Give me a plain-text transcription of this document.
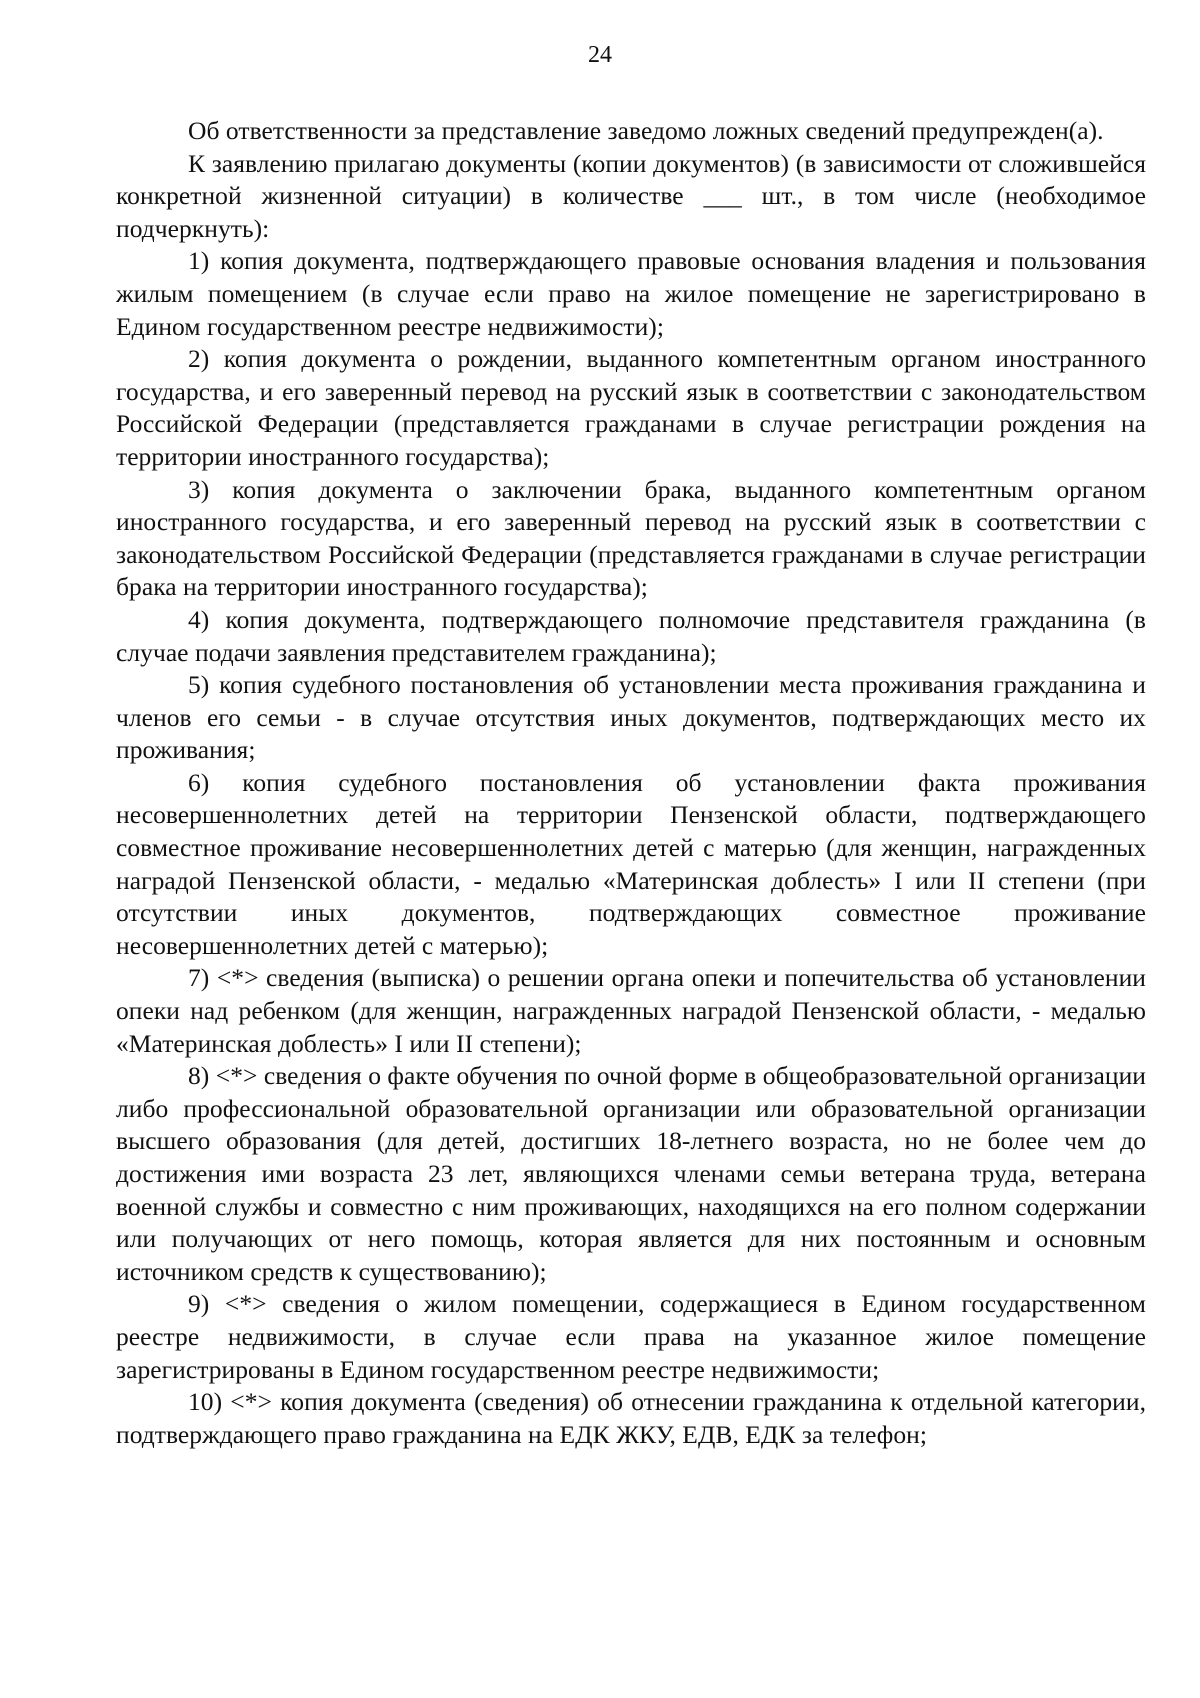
24

Об ответственности за представление заведомо ложных сведений предупрежден(а).

К заявлению прилагаю документы (копии документов) (в зависимости от сложившейся конкретной жизненной ситуации) в количестве ___ шт., в том числе (необходимое подчеркнуть):

1) копия документа, подтверждающего правовые основания владения и пользования жилым помещением (в случае если право на жилое помещение не зарегистрировано в Едином государственном реестре недвижимости);

2) копия документа о рождении, выданного компетентным органом иностранного государства, и его заверенный перевод на русский язык в соответствии с законодательством Российской Федерации (представляется гражданами в случае регистрации рождения на территории иностранного государства);

3) копия документа о заключении брака, выданного компетентным органом иностранного государства, и его заверенный перевод на русский язык в соответствии с законодательством Российской Федерации (представляется гражданами в случае регистрации брака на территории иностранного государства);

4) копия документа, подтверждающего полномочие представителя гражданина (в случае подачи заявления представителем гражданина);

5) копия судебного постановления об установлении места проживания гражданина и членов его семьи - в случае отсутствия иных документов, подтверждающих место их проживания;

6) копия судебного постановления об установлении факта проживания несовершеннолетних детей на территории Пензенской области, подтверждающего совместное проживание несовершеннолетних детей с матерью (для женщин, награжденных наградой Пензенской области, - медалью «Материнская доблесть» I или II степени (при отсутствии иных документов, подтверждающих совместное проживание несовершеннолетних детей с матерью);

7) <*> сведения (выписка) о решении органа опеки и попечительства об установлении опеки над ребенком (для женщин, награжденных наградой Пензенской области, - медалью «Материнская доблесть» I или II степени);

8) <*> сведения о факте обучения по очной форме в общеобразовательной организации либо профессиональной образовательной организации или образовательной организации высшего образования (для детей, достигших 18-летнего возраста, но не более чем до достижения ими возраста 23 лет, являющихся членами семьи ветерана труда, ветерана военной службы и совместно с ним проживающих, находящихся на его полном содержании или получающих от него помощь, которая является для них постоянным и основным источником средств к существованию);

9) <*> сведения о жилом помещении, содержащиеся в Едином государственном реестре недвижимости, в случае если права на указанное жилое помещение зарегистрированы в Едином государственном реестре недвижимости;

10) <*> копия документа (сведения) об отнесении гражданина к отдельной категории, подтверждающего право гражданина на ЕДК ЖКУ, ЕДВ, ЕДК за телефон;
